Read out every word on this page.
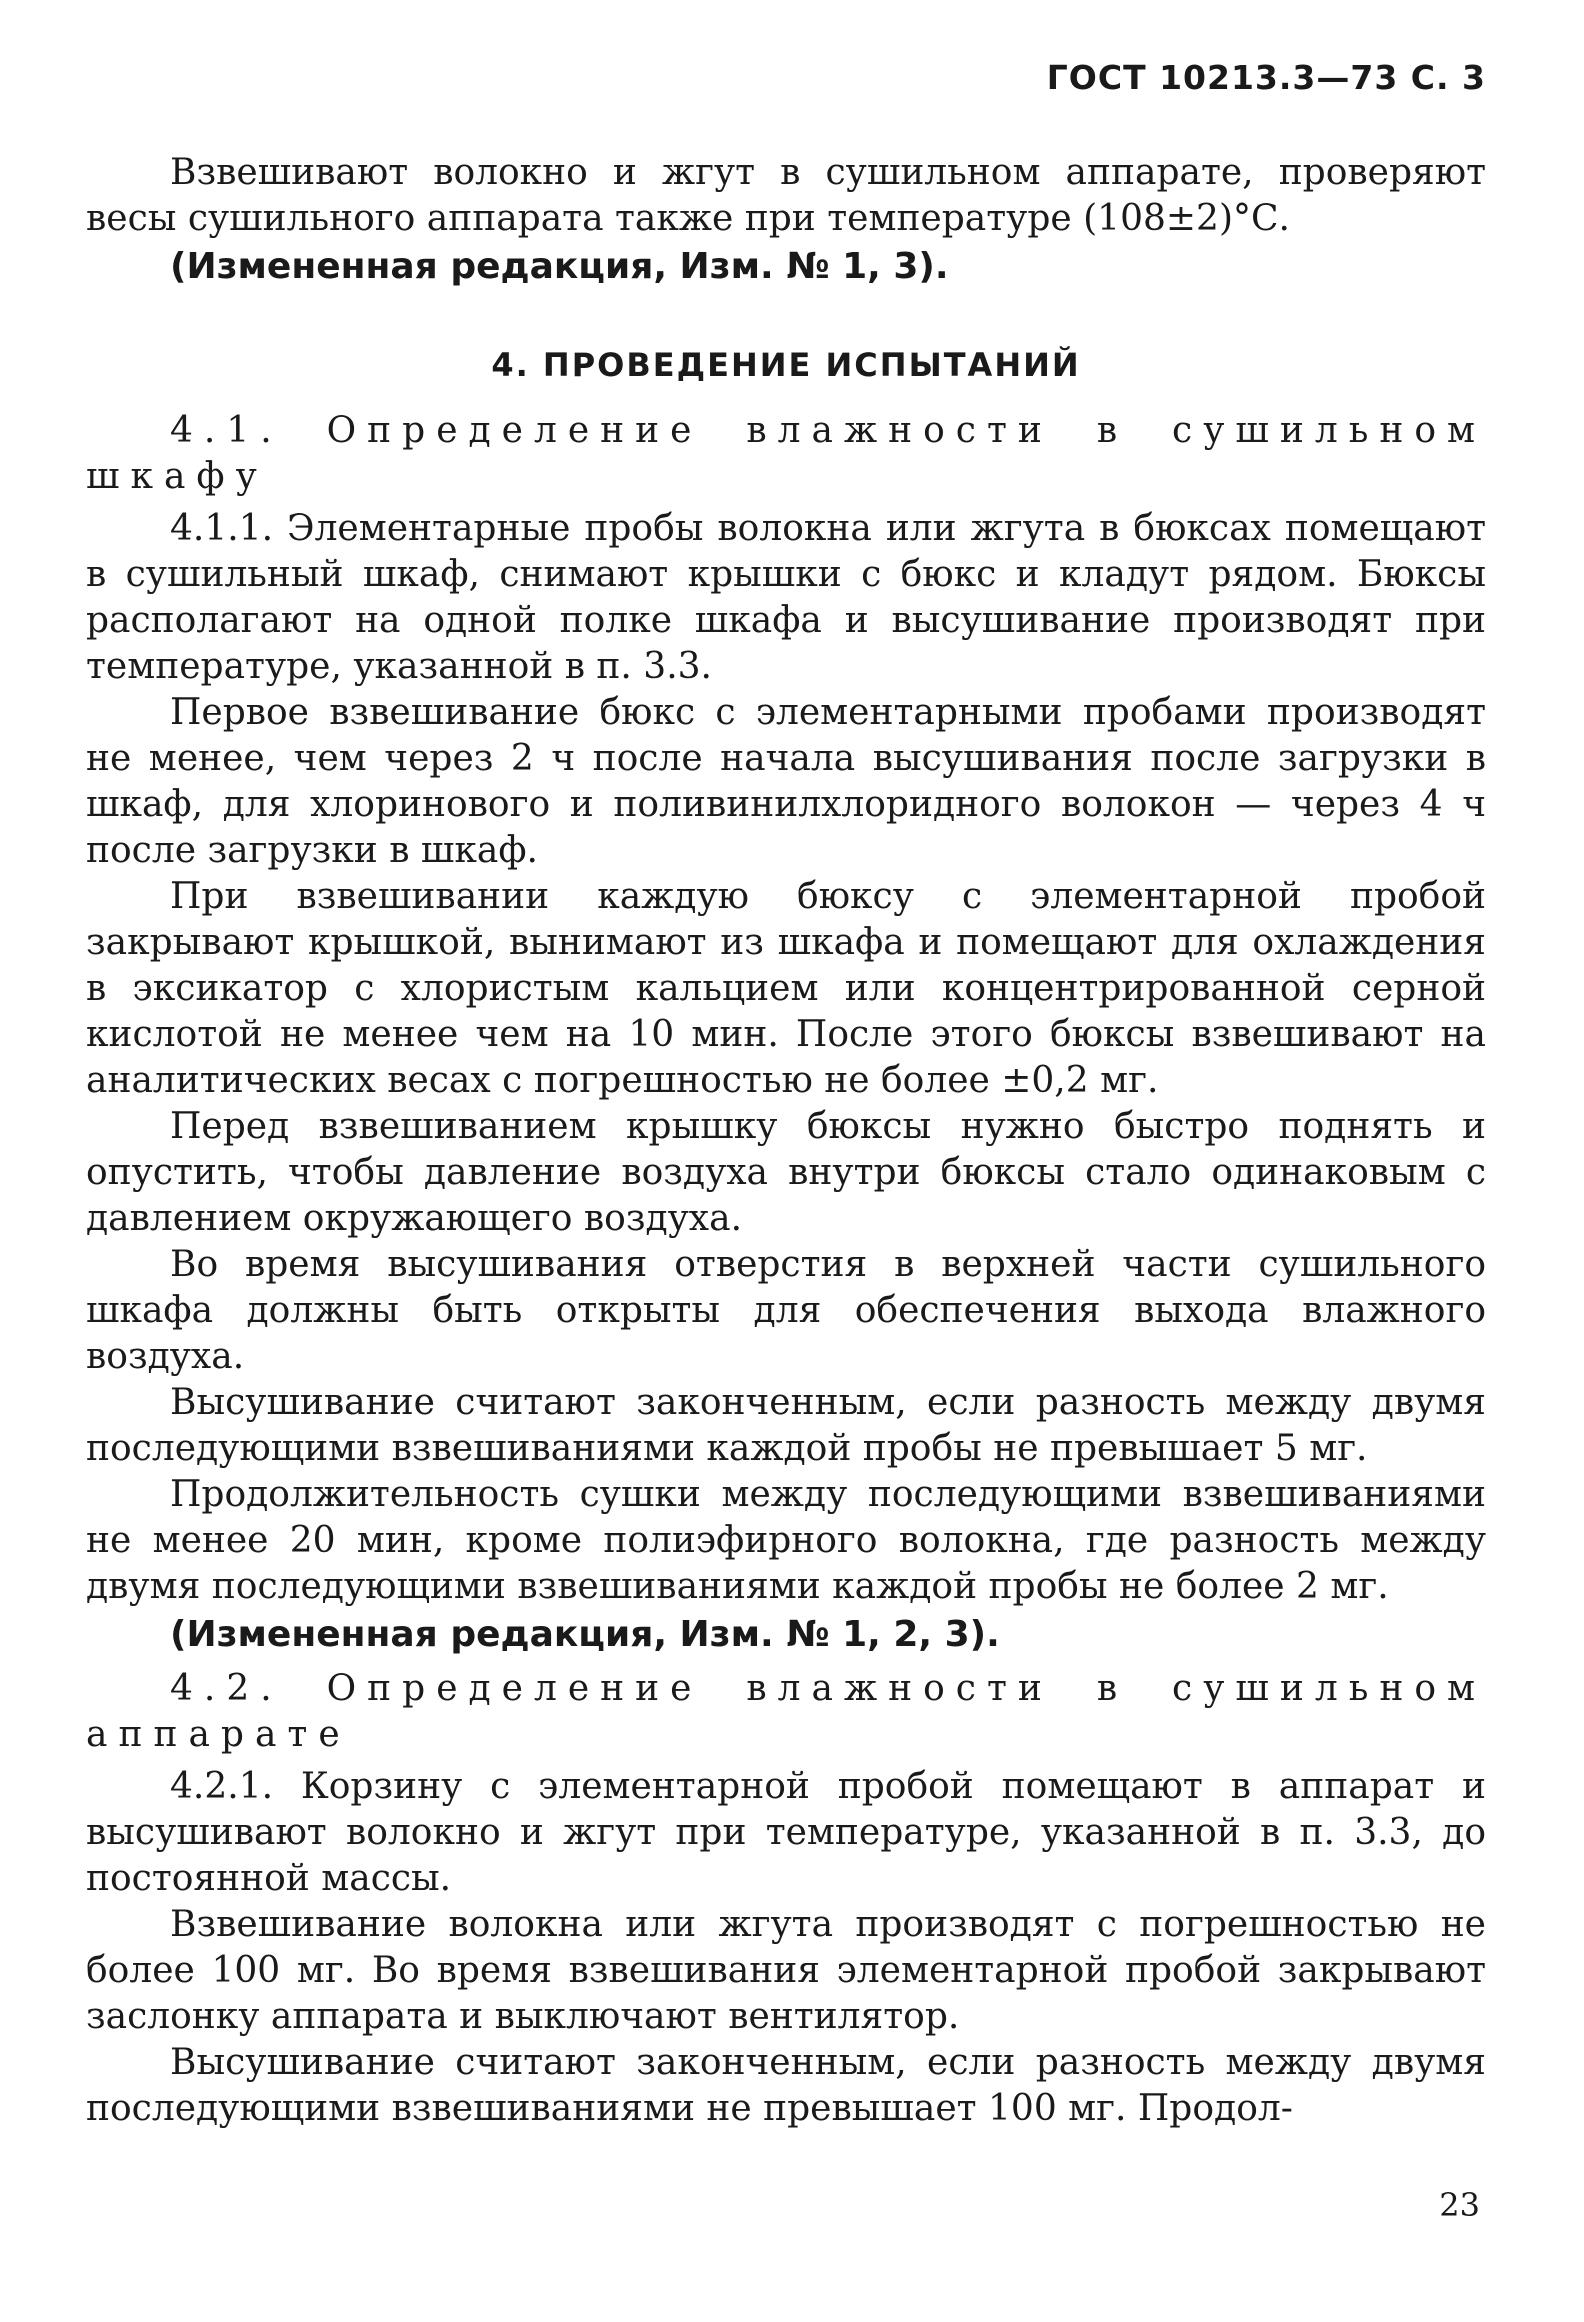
ГОСТ 10213.3—73 С. 3

Взвешивают волокно и жгут в сушильном аппарате, проверяют весы сушильного аппарата также при температуре (108±2)°С.

(Измененная редакция, Изм. № 1, 3).

4. ПРОВЕДЕНИЕ ИСПЫТАНИЙ
4.1. Определение влажности в сушильном шкафу

4.1.1. Элементарные пробы волокна или жгута в бюксах помещают в сушильный шкаф, снимают крышки с бюкс и кладут рядом. Бюксы располагают на одной полке шкафа и высушивание производят при температуре, указанной в п. 3.3.

Первое взвешивание бюкс с элементарными пробами производят не менее, чем через 2 ч после начала высушивания после загрузки в шкаф, для хлоринового и поливинилхлоридного волокон — через 4 ч после загрузки в шкаф.

При взвешивании каждую бюксу с элементарной пробой закрывают крышкой, вынимают из шкафа и помещают для охлаждения в эксикатор с хлористым кальцием или концентрированной серной кислотой не менее чем на 10 мин. После этого бюксы взвешивают на аналитических весах с погрешностью не более ±0,2 мг.

Перед взвешиванием крышку бюксы нужно быстро поднять и опустить, чтобы давление воздуха внутри бюксы стало одинаковым с давлением окружающего воздуха.

Во время высушивания отверстия в верхней части сушильного шкафа должны быть открыты для обеспечения выхода влажного воздуха.

Высушивание считают законченным, если разность между двумя последующими взвешиваниями каждой пробы не превышает 5 мг.

Продолжительность сушки между последующими взвешиваниями не менее 20 мин, кроме полиэфирного волокна, где разность между двумя последующими взвешиваниями каждой пробы не более 2 мг.

(Измененная редакция, Изм. № 1, 2, 3).

4.2. Определение влажности в сушильном аппарате

4.2.1. Корзину с элементарной пробой помещают в аппарат и высушивают волокно и жгут при температуре, указанной в п. 3.3, до постоянной массы.

Взвешивание волокна или жгута производят с погрешностью не более 100 мг. Во время взвешивания элементарной пробой закрывают заслонку аппарата и выключают вентилятор.

Высушивание считают законченным, если разность между двумя последующими взвешиваниями не превышает 100 мг. Продол-

23
